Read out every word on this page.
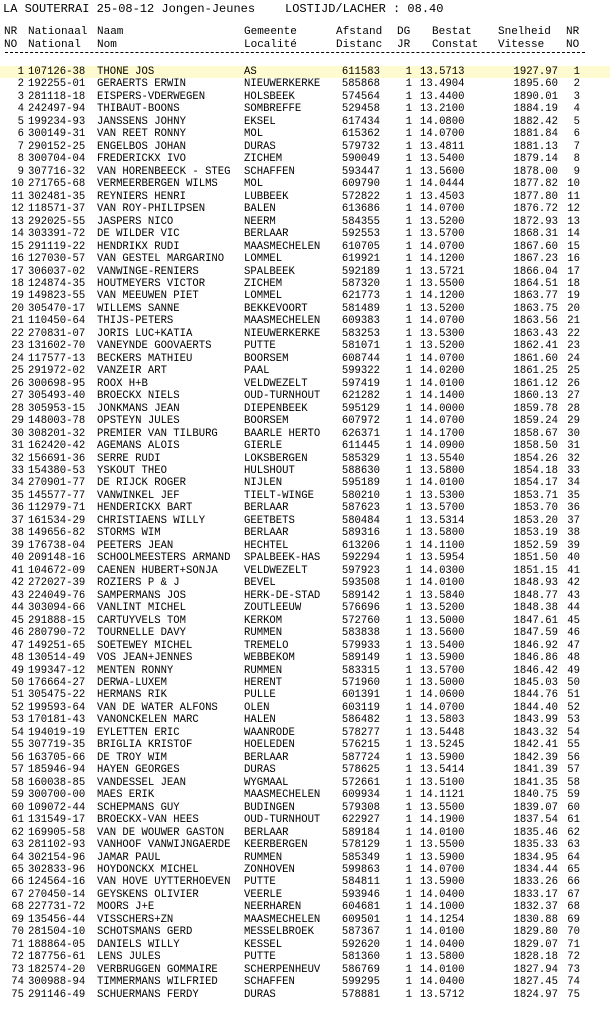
LA SOUTERRAI 25-08-12 Jongen-Jeunes

LOSTIJD/LACHER : 08.40

NR Nationaal Naam	Gemeente	Afstand DG Bestat Snelheid NR
NO National Nom	Localité	Distanc JR Constat Vitesse NO
1 107126-38 THONE JOS	AS	611583	1 13.5713	1927.97	1
2 192255-01 GERAERTS ERWIN	NIEUWERKERKE	585868	1 13.4904	1895.60	2
3 281118-18 EISPERS-VDERWEGEN	HOLSBEEK	574564	1 13.4400	1890.01	3
4 242497-94 THIBAUT-BOONS	SOMBREFFE	529458	1 13.2100	1884.19	4
5 199234-93 JANSSENS JOHNY	EKSEL	617434	1 14.0800	1882.42	5
6 300149-31 VAN REET RONNY	MOL	615362	1 14.0700	1881.84	6
7 290152-25 ENGELBOS JOHAN	DURAS	579732	1 13.4811	1881.13	7
8 300704-04 FREDERICKX IVO	ZICHEM	590049	1 13.5400	1879.14	8
9 307716-32 VAN HORENBEECK - STEG SCHAFFEN	593447	1 13.5600	1878.00	9
10 271765-68 VERMEERBERGEN WILMS MOL	609790	1 14.0444	1877.82 10
11 302481-35 REYNIERS HENRI	LUBBEEK	572822	1 13.4503	1877.80 11
12 118571-37 VAN ROY-PHILIPSEN	BALEN	613686	1 14.0700	1876.72 12
13 292025-55 JASPERS NICO	NEERM	584355	1 13.5200	1872.93 13
14 303391-72 DE WILDER VIC	BERLAAR	592553	1 13.5700	1868.31 14
15 291119-22 HENDRIKX RUDI	MAASMECHELEN	610705	1 14.0700	1867.60 15
16 127030-57 VAN GESTEL MARGARINO LOMMEL	619921	1 14.1200	1867.23 16
17 306037-02 VANWINGE-RENIERS	SPALBEEK	592189	1 13.5721	1866.04 17
18 124874-35 HOUTMEYERS VICTOR	ZICHEM	587320	1 13.5500	1864.51 18
19 149823-55 VAN MEEUWEN PIET	LOMMEL	621773	1 14.1200	1863.77 19
20 305470-17 WILLEMS SANNE	BEKKEVOORT	581489	1 13.5200	1863.75 20
21 110450-64 THIJS-PETERS	MAASMECHELEN	609383	1 14.0700	1863.56 21
22 270831-07 JORIS LUC+KATIA	NIEUWERKERKE	583253	1 13.5300	1863.43 22
23 131602-70 VANEYNDE GOOVAERTS	PUTTE	581071	1 13.5200	1862.41 23
24 117577-13 BECKERS MATHIEU	BOORSEM	608744	1 14.0700	1861.60 24
25 291972-02 VANZEIR ART	PAAL	599322	1 14.0200	1861.25 25
26 300698-95 ROOX H+B	VELDWEZELT	597419	1 14.0100	1861.12 26
27 305493-40 BROECKX NIELS	OUD-TURNHOUT	621282	1 14.1400	1860.13 27
28 305953-15 JONKMANS JEAN	DIEPENBEEK	595129	1 14.0000	1859.78 28
29 148003-78 OPSTEYN JULES	BOORSEM	607972	1 14.0700	1859.24 29
30 308201-32 PREMIER VAN TILBURG BAARLE HERTO	626371	1 14.1700	1858.67 30
31 162420-42 AGEMANS ALOIS	GIERLE	611445	1 14.0900	1858.50 31
32 156691-36 SERRE RUDI	LOKSBERGEN	585329	1 13.5540	1854.26 32
33 154380-53 YSKOUT THEO	HULSHOUT	588630	1 13.5800	1854.18 33
34 270901-77 DE RIJCK ROGER	NIJLEN	595189	1 14.0100	1854.17 34
35 145577-77 VANWINKEL JEF	TIELT-WINGE	580210	1 13.5300	1853.71 35
36 112979-71 HENDERICKX BART	BERLAAR	587623	1 13.5700	1853.70 36
37 161534-29 CHRISTIAENS WILLY	GEETBETS	580484	1 13.5314	1853.20 37
38 149656-82 STORMS WIM	BERLAAR	589316	1 13.5800	1853.19 38
39 176738-04 PEETERS JEAN	HECHTEL	613206	1 14.1100	1852.59 39
40 209148-16 SCHOOLMEESTERS ARMAND SPALBEEK-HAS	592294	1 13.5954	1851.50 40
41 104672-09 CAENEN HUBERT+SONJA VELDWEZELT	597923	1 14.0300	1851.15 41
42 272027-39 ROZIERS P & J	BEVEL	593508	1 14.0100	1848.93 42
43 224049-76 SAMPERMANS JOS	HERK-DE-STAD	589142	1 13.5840	1848.77 43
44 303094-66 VANLINT MICHEL	ZOUTLEEUW	576696	1 13.5200	1848.38 44
45 291888-15 CARTUYVELS TOM	KERKOM	572760	1 13.5000	1847.61 45
46 280790-72 TOURNELLE DAVY	RUMMEN	583838	1 13.5600	1847.59 46
47 149251-65 SOETEWEY MICHEL	TREMELO	579933	1 13.5400	1846.92 47
48 130514-49 VOS JEAN+JENNES	WEBBEKOM	589149	1 13.5900	1846.86 48
49 199347-12 MENTEN RONNY	RUMMEN	583315	1 13.5700	1846.42 49
50 176664-27 DERWA-LUXEM	HERENT	571960	1 13.5000	1845.03 50
51 305475-22 HERMANS RIK	PULLE	601391	1 14.0600	1844.76 51
52 199593-64 VAN DE WATER ALFONS OLEN	603119	1 14.0700	1844.40 52
53 170181-43 VANONCKELEN MARC	HALEN	586482	1 13.5803	1843.99 53
54 194019-19 EYLETTEN ERIC	WAANRODE	578277	1 13.5448	1843.32 54
55 307719-35 BRIGLIA KRISTOF	HOELEDEN	576215	1 13.5245	1842.41 55
56 163705-66 DE TROY WIM	BERLAAR	587724	1 13.5900	1842.39 56
57 185946-94 HAYEN GEORGES	DURAS	578625	1 13.5414	1841.39 57
58 160038-85 VANDESSEL JEAN	WYGMAAL	572661	1 13.5100	1841.35 58
59 300700-00 MAES ERIK	MAASMECHELEN	609934	1 14.1121	1840.75 59
60 109072-44 SCHEPMANS GUY	BUDINGEN	579308	1 13.5500	1839.07 60
61 131549-17 BROECKX-VAN HEES	OUD-TURNHOUT	622927	1 14.1900	1837.54 61
62 169905-58 VAN DE WOUWER GASTON BERLAAR	589184	1 14.0100	1835.46 62
63 281102-93 VANHOOF VANWIJNGAERDE KEERBERGEN	578129	1 13.5500	1835.33 63
64 302154-96 JAMAR PAUL	RUMMEN	585349	1 13.5900	1834.95 64
65 302833-96 HOYDONCKX MICHEL	ZONHOVEN	599863	1 14.0700	1834.44 65
66 124564-16 VAN HOVE UYTTERHOEVEN PUTTE	584811	1 13.5900	1833.26 66
67 270450-14 GEYSKENS OLIVIER	VEERLE	593946	1 14.0400	1833.17 67
68 227731-72 MOORS J+E	NEERHAREN	604681	1 14.1000	1832.37 68
69 135456-44 VISSCHERS+ZN	MAASMECHELEN	609501	1 14.1254	1830.88 69
70 281504-10 SCHOTSMANS GERD	MESSELBROEK	587367	1 14.0100	1829.80 70
71 188864-05 DANIELS WILLY	KESSEL	592620	1 14.0400	1829.07 71
72 187756-61 LENS JULES	PUTTE	581360	1 13.5800	1828.18 72
73 182574-20 VERBRUGGEN GOMMAIRE SCHERPENHEUV	586769	1 14.0100	1827.94 73
74 300988-94 TIMMERMANS WILFRIED SCHAFFEN	599295	1 14.0400	1827.45 74
75 291146-49 SCHUERMANS FERDY	DURAS	578881	1 13.5712	1824.97 75
